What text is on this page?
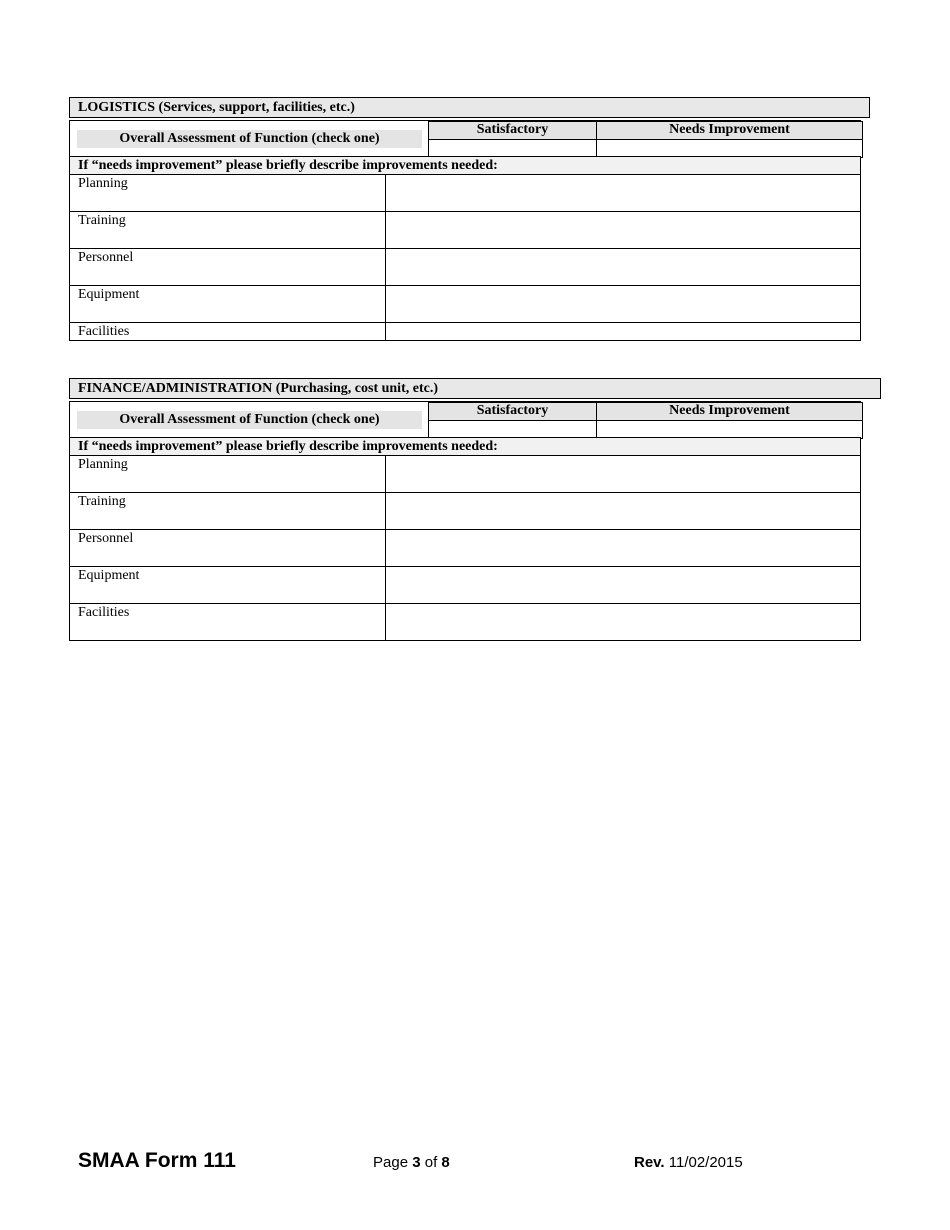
LOGISTICS (Services, support, facilities, etc.)
Overall Assessment of Function (check one)
Satisfactory	Needs Improvement
If “needs improvement” please briefly describe improvements needed:
Planning	
Training	
Personnel	
Equipment	
Facilities	
FINANCE/ADMINISTRATION (Purchasing, cost unit, etc.)
Overall Assessment of Function (check one)
Satisfactory	Needs Improvement
If “needs improvement” please briefly describe improvements needed:
Planning	
Training	
Personnel	
Equipment	
Facilities	
SMAA Form 111	Page 3 of 8	Rev. 11/02/2015
